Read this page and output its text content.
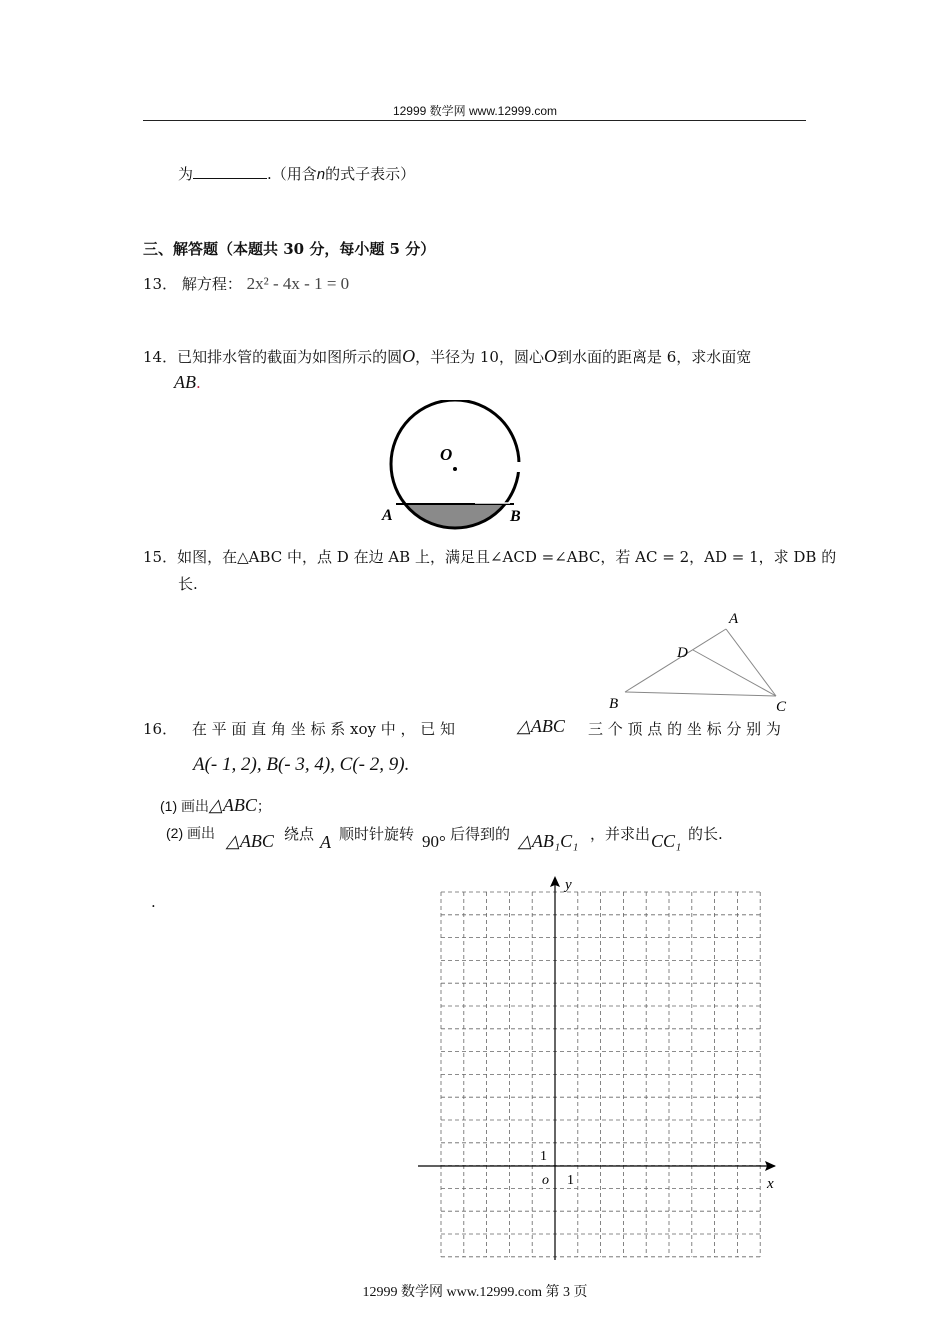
12999 数学网 www.12999.com
为	.（用含n的式子表示）
三、解答题（本题共 30 分，每小题 5 分）
13． 解方程： 2x² - 4x - 1 = 0
14．已知排水管的截面为如图所示的圆O，半径为 10，圆心O到水面的距离是 6，求水面宽
AB.
O
A	B
15．如图，在△ABC 中，点 D 在边 AB 上，满足且∠ACD =∠ABC，若 AC = 2，AD = 1，求 DB 的
长.
A
D
B	C
16． 在 平 面 直 角 坐 标 系 xoy 中 ， 已 知	△ABC 三 个 顶 点 的 坐 标 分 别 为
A(- 1, 2), B(- 3, 4), C(- 2, 9).
(1) 画出△ABC；
(2) 画出 △ABC 绕点 A 顺时针旋转 90° 后得到的 △AB₁C₁ ，并求出 CC₁ 的长.
.
y
x
o 1
1
12999 数学网 www.12999.com 第 3 页
